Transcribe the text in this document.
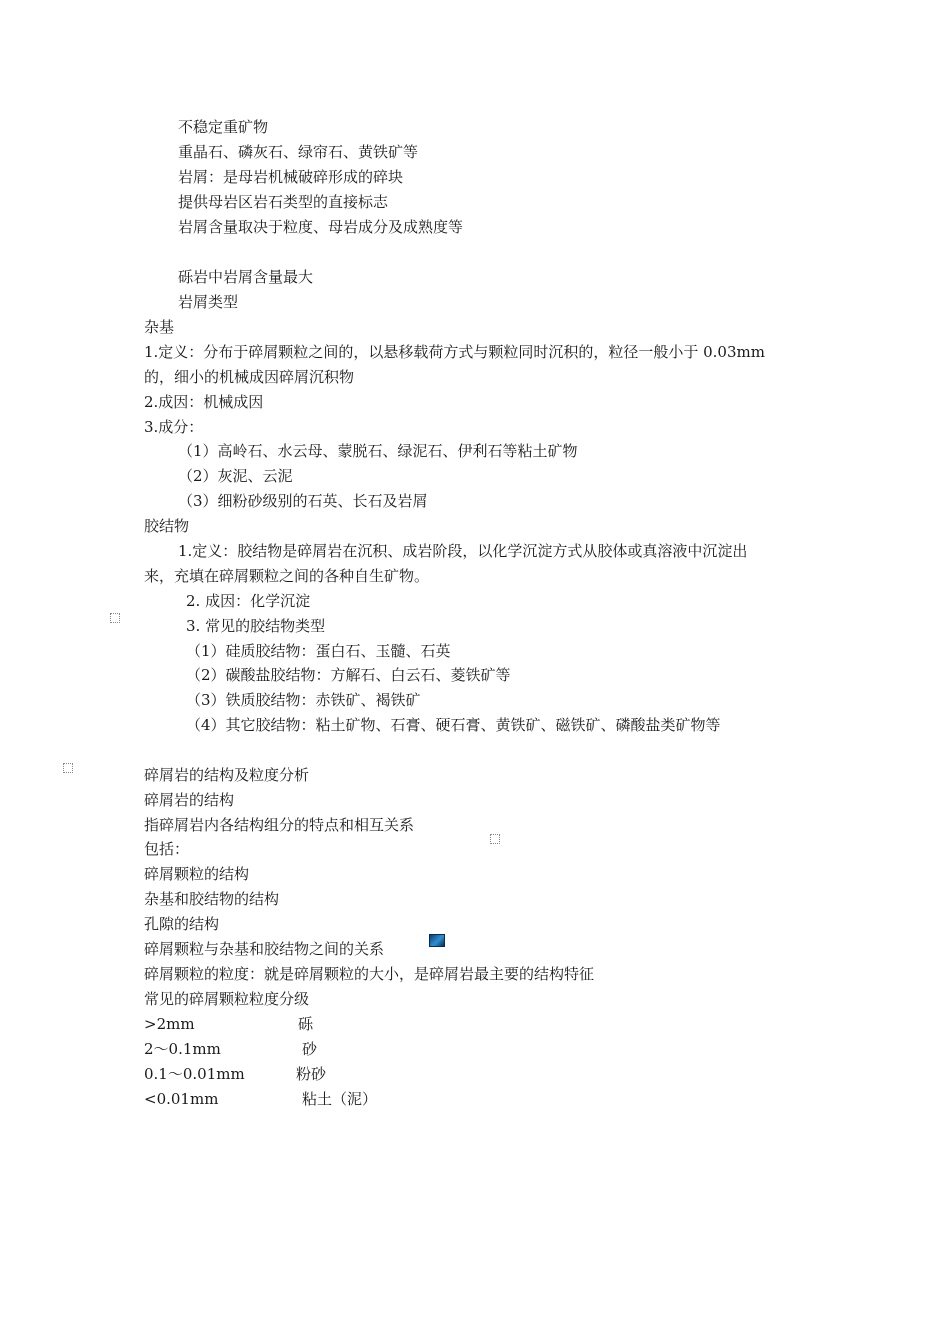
不稳定重矿物
重晶石、磷灰石、绿帘石、黄铁矿等
岩屑：是母岩机械破碎形成的碎块
提供母岩区岩石类型的直接标志
岩屑含量取决于粒度、母岩成分及成熟度等
砾岩中岩屑含量最大
岩屑类型
杂基
1.定义：分布于碎屑颗粒之间的，以悬移载荷方式与颗粒同时沉积的，粒径一般小于 0.03mm
的，细小的机械成因碎屑沉积物
2.成因：机械成因
3.成分：
（1）高岭石、水云母、蒙脱石、绿泥石、伊利石等粘土矿物
（2）灰泥、云泥
（3）细粉砂级别的石英、长石及岩屑
胶结物
1.定义：胶结物是碎屑岩在沉积、成岩阶段，以化学沉淀方式从胶体或真溶液中沉淀出
来，充填在碎屑颗粒之间的各种自生矿物。
2. 成因：化学沉淀
3. 常见的胶结物类型
（1）硅质胶结物：蛋白石、玉髓、石英
（2）碳酸盐胶结物：方解石、白云石、菱铁矿等
（3）铁质胶结物：赤铁矿、褐铁矿
（4）其它胶结物：粘土矿物、石膏、硬石膏、黄铁矿、磁铁矿、磷酸盐类矿物等
碎屑岩的结构及粒度分析
碎屑岩的结构
指碎屑岩内各结构组分的特点和相互关系
包括：
碎屑颗粒的结构
杂基和胶结物的结构
孔隙的结构
碎屑颗粒与杂基和胶结物之间的关系
碎屑颗粒的粒度：就是碎屑颗粒的大小，是碎屑岩最主要的结构特征
常见的碎屑颗粒粒度分级
>2mm	砾
2～0.1mm	砂
0.1～0.01mm	粉砂
<0.01mm	粘土（泥）
